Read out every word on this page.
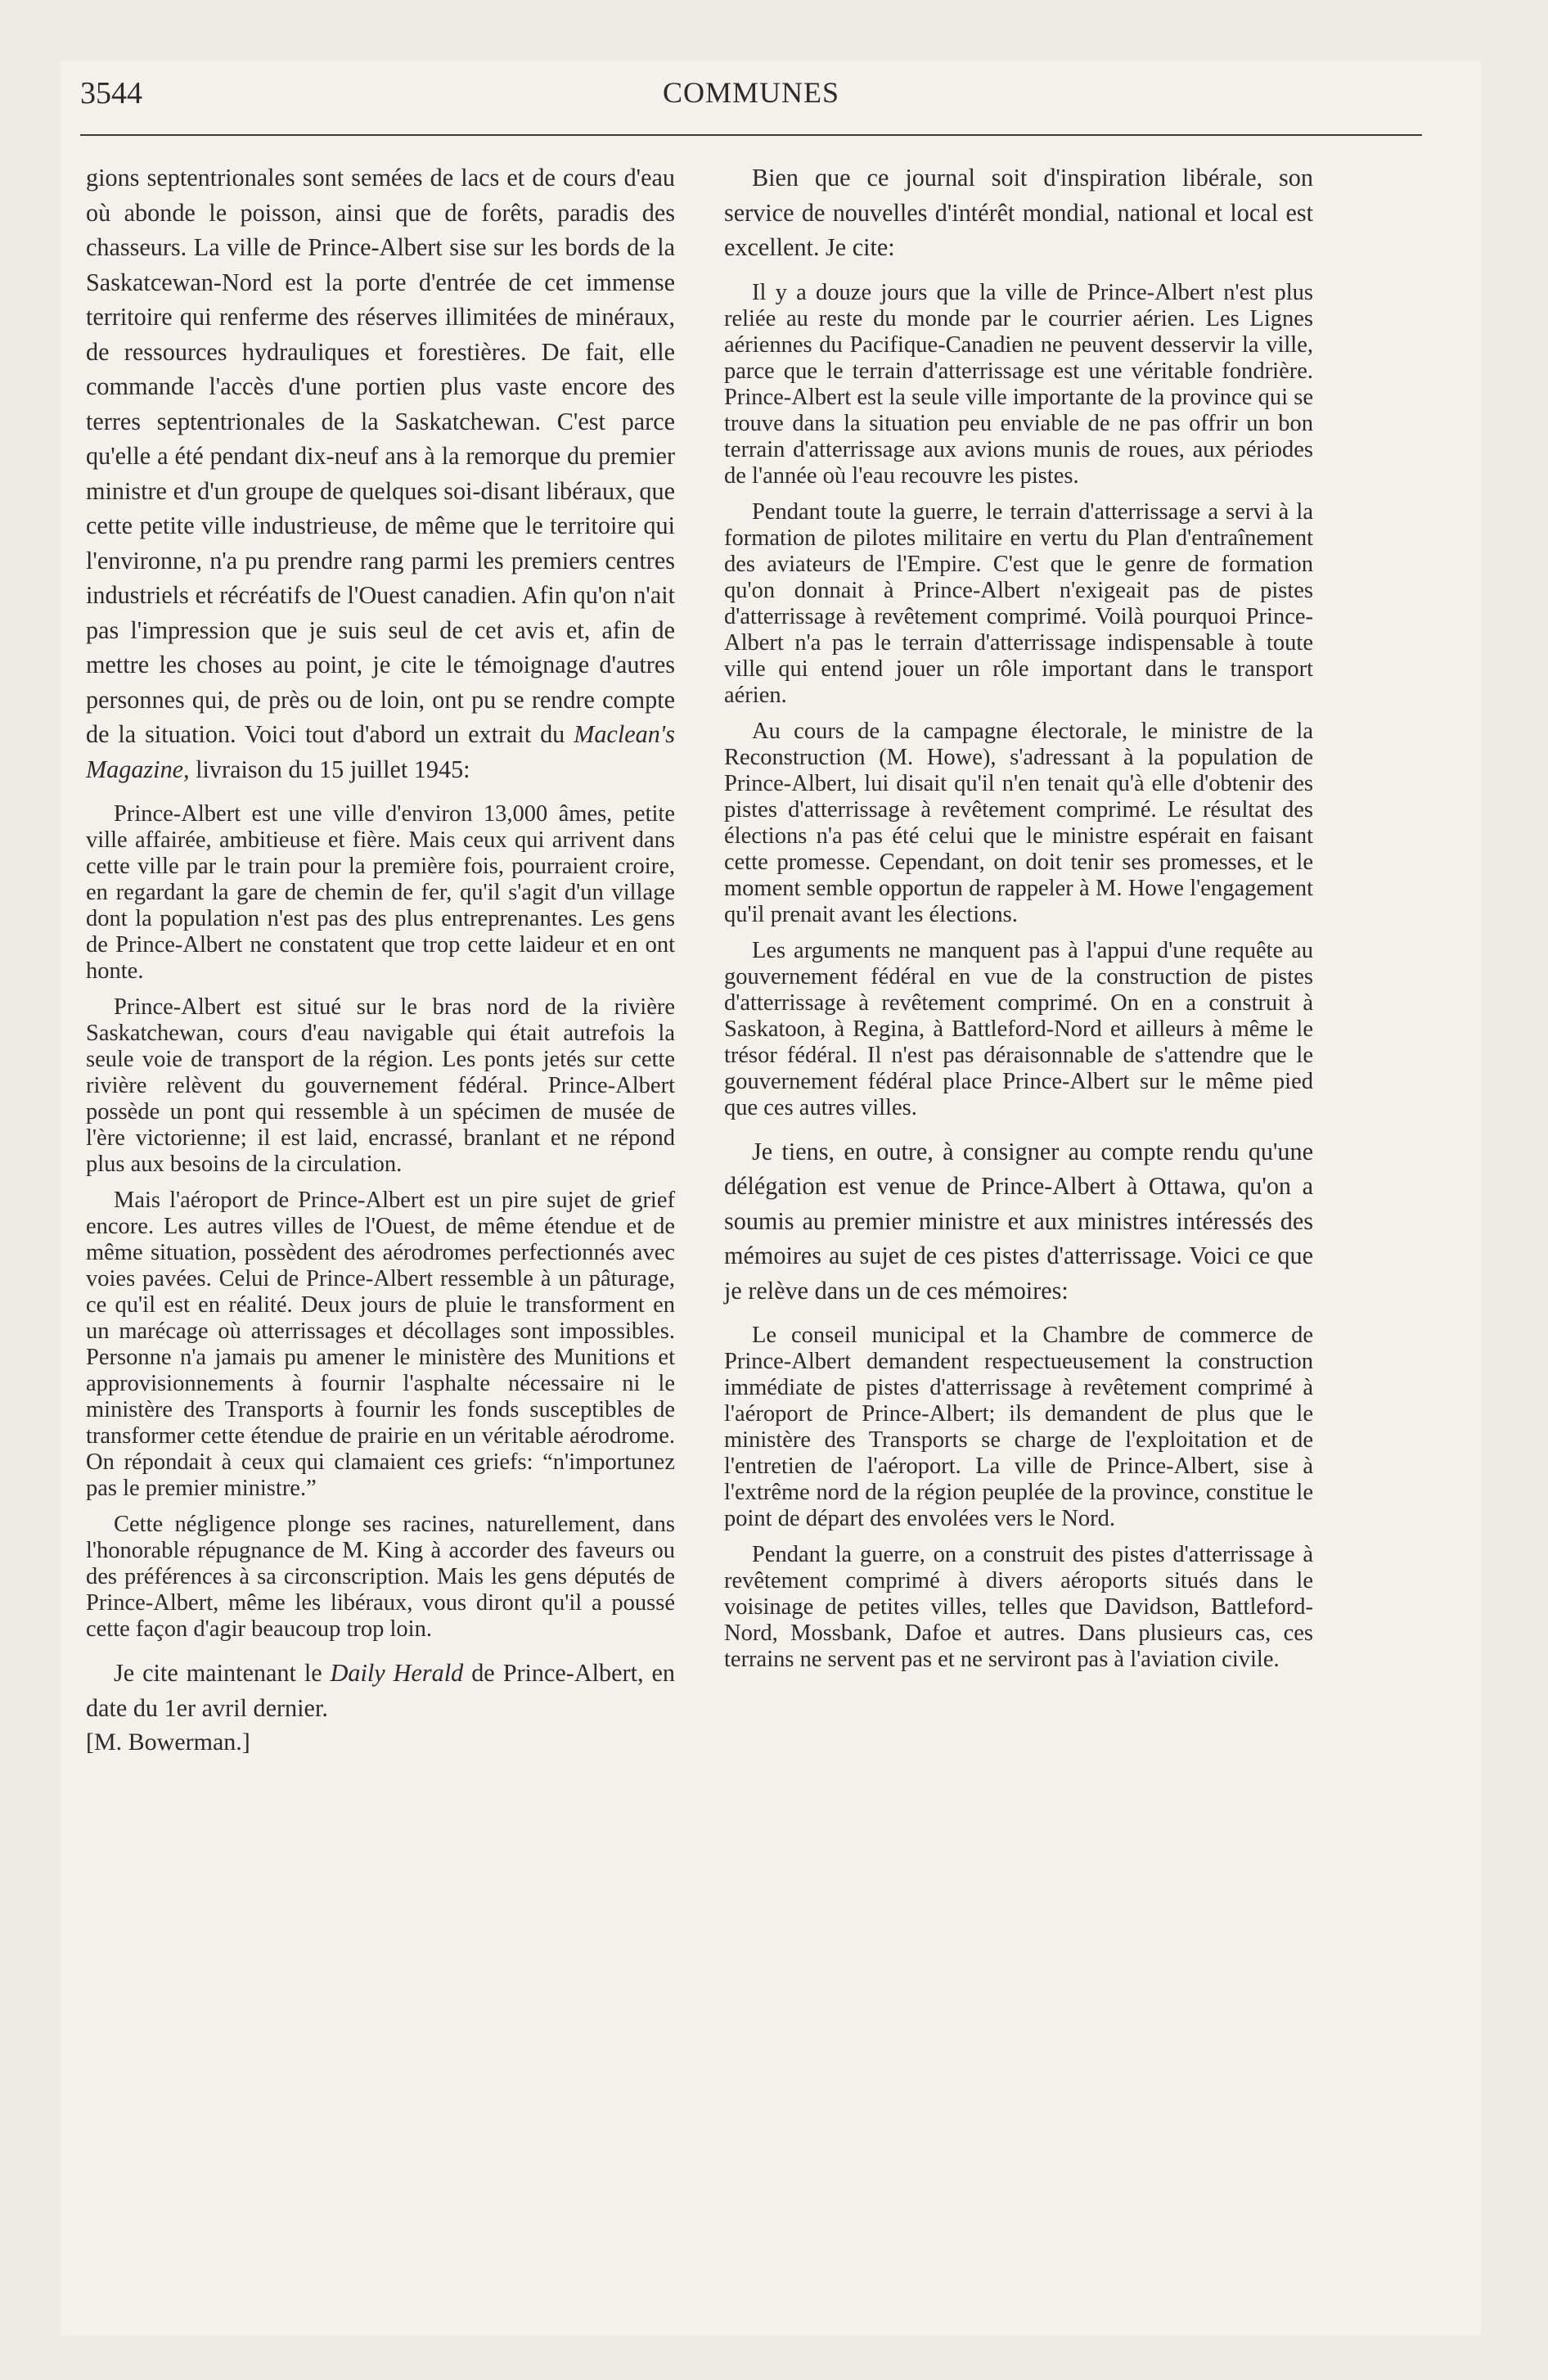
3544	COMMUNES

gions septentrionales sont semées de lacs et de cours d'eau où abonde le poisson, ainsi que de forêts, paradis des chasseurs. La ville de Prince-Albert sise sur les bords de la Saskatcewan-Nord est la porte d'entrée de cet immense territoire qui renferme des réserves illimitées de minéraux, de ressources hydrauliques et forestières. De fait, elle commande l'accès d'une portien plus vaste encore des terres septentrionales de la Saskatchewan. C'est parce qu'elle a été pendant dix-neuf ans à la remorque du premier ministre et d'un groupe de quelques soi-disant libéraux, que cette petite ville industrieuse, de même que le territoire qui l'environne, n'a pu prendre rang parmi les premiers centres industriels et récréatifs de l'Ouest canadien. Afin qu'on n'ait pas l'impression que je suis seul de cet avis et, afin de mettre les choses au point, je cite le témoignage d'autres personnes qui, de près ou de loin, ont pu se rendre compte de la situation. Voici tout d'abord un extrait du Maclean's Magazine, livraison du 15 juillet 1945:

Prince-Albert est une ville d'environ 13,000 âmes, petite ville affairée, ambitieuse et fière. Mais ceux qui arrivent dans cette ville par le train pour la première fois, pourraient croire, en regardant la gare de chemin de fer, qu'il s'agit d'un village dont la population n'est pas des plus entreprenantes. Les gens de Prince-Albert ne constatent que trop cette laideur et en ont honte.

Prince-Albert est situé sur le bras nord de la rivière Saskatchewan, cours d'eau navigable qui était autrefois la seule voie de transport de la région. Les ponts jetés sur cette rivière relèvent du gouvernement fédéral. Prince-Albert possède un pont qui ressemble à un spécimen de musée de l'ère victorienne; il est laid, encrassé, branlant et ne répond plus aux besoins de la circulation.

Mais l'aéroport de Prince-Albert est un pire sujet de grief encore. Les autres villes de l'Ouest, de même étendue et de même situation, possèdent des aérodromes perfectionnés avec voies pavées. Celui de Prince-Albert ressemble à un pâturage, ce qu'il est en réalité. Deux jours de pluie le transforment en un marécage où atterrissages et décollages sont impossibles. Personne n'a jamais pu amener le ministère des Munitions et approvisionnements à fournir l'asphalte nécessaire ni le ministère des Transports à fournir les fonds susceptibles de transformer cette étendue de prairie en un véritable aérodrome. On répondait à ceux qui clamaient ces griefs: “n'importunez pas le premier ministre.”

Cette négligence plonge ses racines, naturellement, dans l'honorable répugnance de M. King à accorder des faveurs ou des préférences à sa circonscription. Mais les gens députés de Prince-Albert, même les libéraux, vous diront qu'il a poussé cette façon d'agir beaucoup trop loin.

Je cite maintenant le Daily Herald de Prince-Albert, en date du 1er avril dernier.

[M. Bowerman.]

Bien que ce journal soit d'inspiration libérale, son service de nouvelles d'intérêt mondial, national et local est excellent. Je cite:

Il y a douze jours que la ville de Prince-Albert n'est plus reliée au reste du monde par le courrier aérien. Les Lignes aériennes du Pacifique-Canadien ne peuvent desservir la ville, parce que le terrain d'atterrissage est une véritable fondrière. Prince-Albert est la seule ville importante de la province qui se trouve dans la situation peu enviable de ne pas offrir un bon terrain d'atterrissage aux avions munis de roues, aux périodes de l'année où l'eau recouvre les pistes.

Pendant toute la guerre, le terrain d'atterrissage a servi à la formation de pilotes militaire en vertu du Plan d'entraînement des aviateurs de l'Empire. C'est que le genre de formation qu'on donnait à Prince-Albert n'exigeait pas de pistes d'atterrissage à revêtement comprimé. Voilà pourquoi Prince-Albert n'a pas le terrain d'atterrissage indispensable à toute ville qui entend jouer un rôle important dans le transport aérien.

Au cours de la campagne électorale, le ministre de la Reconstruction (M. Howe), s'adressant à la population de Prince-Albert, lui disait qu'il n'en tenait qu'à elle d'obtenir des pistes d'atterrissage à revêtement comprimé. Le résultat des élections n'a pas été celui que le ministre espérait en faisant cette promesse. Cependant, on doit tenir ses promesses, et le moment semble opportun de rappeler à M. Howe l'engagement qu'il prenait avant les élections.

Les arguments ne manquent pas à l'appui d'une requête au gouvernement fédéral en vue de la construction de pistes d'atterrissage à revêtement comprimé. On en a construit à Saskatoon, à Regina, à Battleford-Nord et ailleurs à même le trésor fédéral. Il n'est pas déraisonnable de s'attendre que le gouvernement fédéral place Prince-Albert sur le même pied que ces autres villes.

Je tiens, en outre, à consigner au compte rendu qu'une délégation est venue de Prince-Albert à Ottawa, qu'on a soumis au premier ministre et aux ministres intéressés des mémoires au sujet de ces pistes d'atterrissage. Voici ce que je relève dans un de ces mémoires:

Le conseil municipal et la Chambre de commerce de Prince-Albert demandent respectueusement la construction immédiate de pistes d'atterrissage à revêtement comprimé à l'aéroport de Prince-Albert; ils demandent de plus que le ministère des Transports se charge de l'exploitation et de l'entretien de l'aéroport. La ville de Prince-Albert, sise à l'extrême nord de la région peuplée de la province, constitue le point de départ des envolées vers le Nord.

Pendant la guerre, on a construit des pistes d'atterrissage à revêtement comprimé à divers aéroports situés dans le voisinage de petites villes, telles que Davidson, Battleford-Nord, Mossbank, Dafoe et autres. Dans plusieurs cas, ces terrains ne servent pas et ne serviront pas à l'aviation civile.
